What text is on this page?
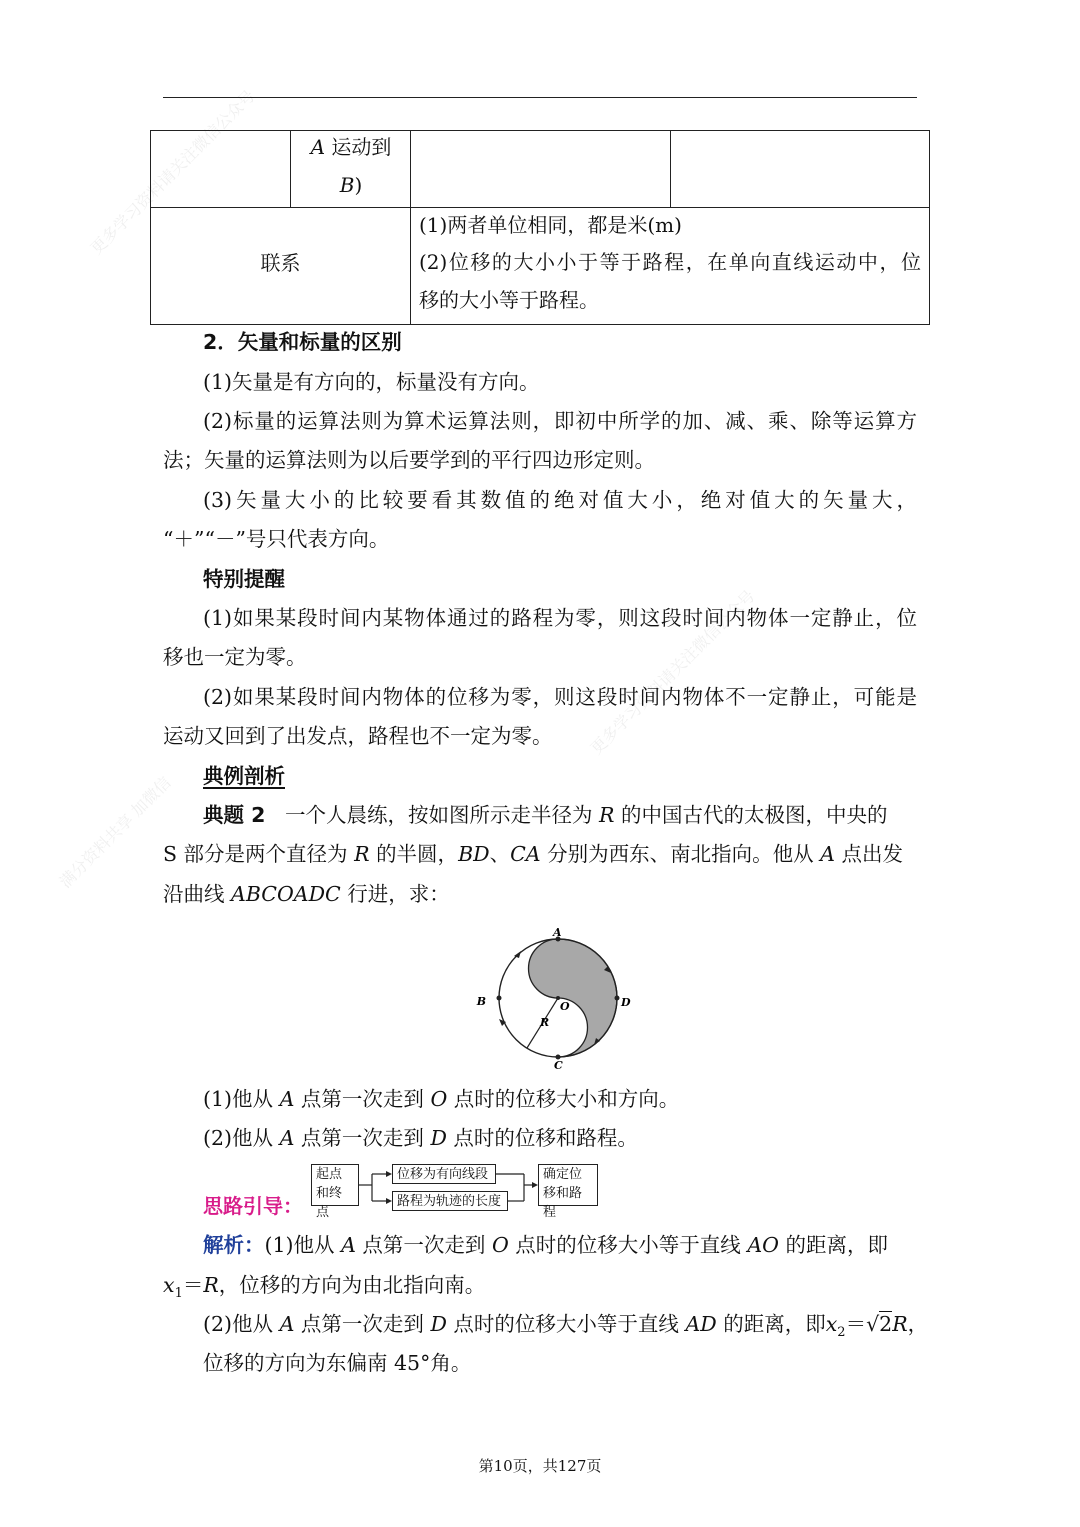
更多学习资料请关注微信公众号
更多学习资料请关注微信公众号
满分资料共享 加微信
A 运动到
B)
联系
(1)两者单位相同，都是米(m)
(2)位移的大小小于等于路程，在单向直线运动中，位
移的大小等于路程。
2．矢量和标量的区别
(1)矢量是有方向的，标量没有方向。
(2)标量的运算法则为算术运算法则，即初中所学的加、减、乘、除等运算方
法；矢量的运算法则为以后要学到的平行四边形定则。
(3)矢量大小的比较要看其数值的绝对值大小，绝对值大的矢量大，
“＋”“－”号只代表方向。
特别提醒
(1)如果某段时间内某物体通过的路程为零，则这段时间内物体一定静止，位
移也一定为零。
(2)如果某段时间内物体的位移为零，则这段时间内物体不一定静止，可能是
运动又回到了出发点，路程也不一定为零。
典例剖析
典题 2 一个人晨练，按如图所示走半径为 R 的中国古代的太极图，中央的
S 部分是两个直径为 R 的半圆，BD、CA 分别为西东、南北指向。他从 A 点出发
沿曲线 ABCOADC 行进，求：
A
B	D
O
R
C
(1)他从 A 点第一次走到 O 点时的位移大小和方向。
(2)他从 A 点第一次走到 D 点时的位移和路程。
思路引导：
起点和终点
位移为有向线段
路程为轨迹的长度
确定位移和路程
解析：(1)他从 A 点第一次走到 O 点时的位移大小等于直线 AO 的距离，即
$x_1=R$，位移的方向为由北指向南。
(2)他从 A 点第一次走到 D 点时的位移大小等于直线 AD 的距离，即$x_2=√2R$，
位移的方向为东偏南 45°角。
第10页，共127页
